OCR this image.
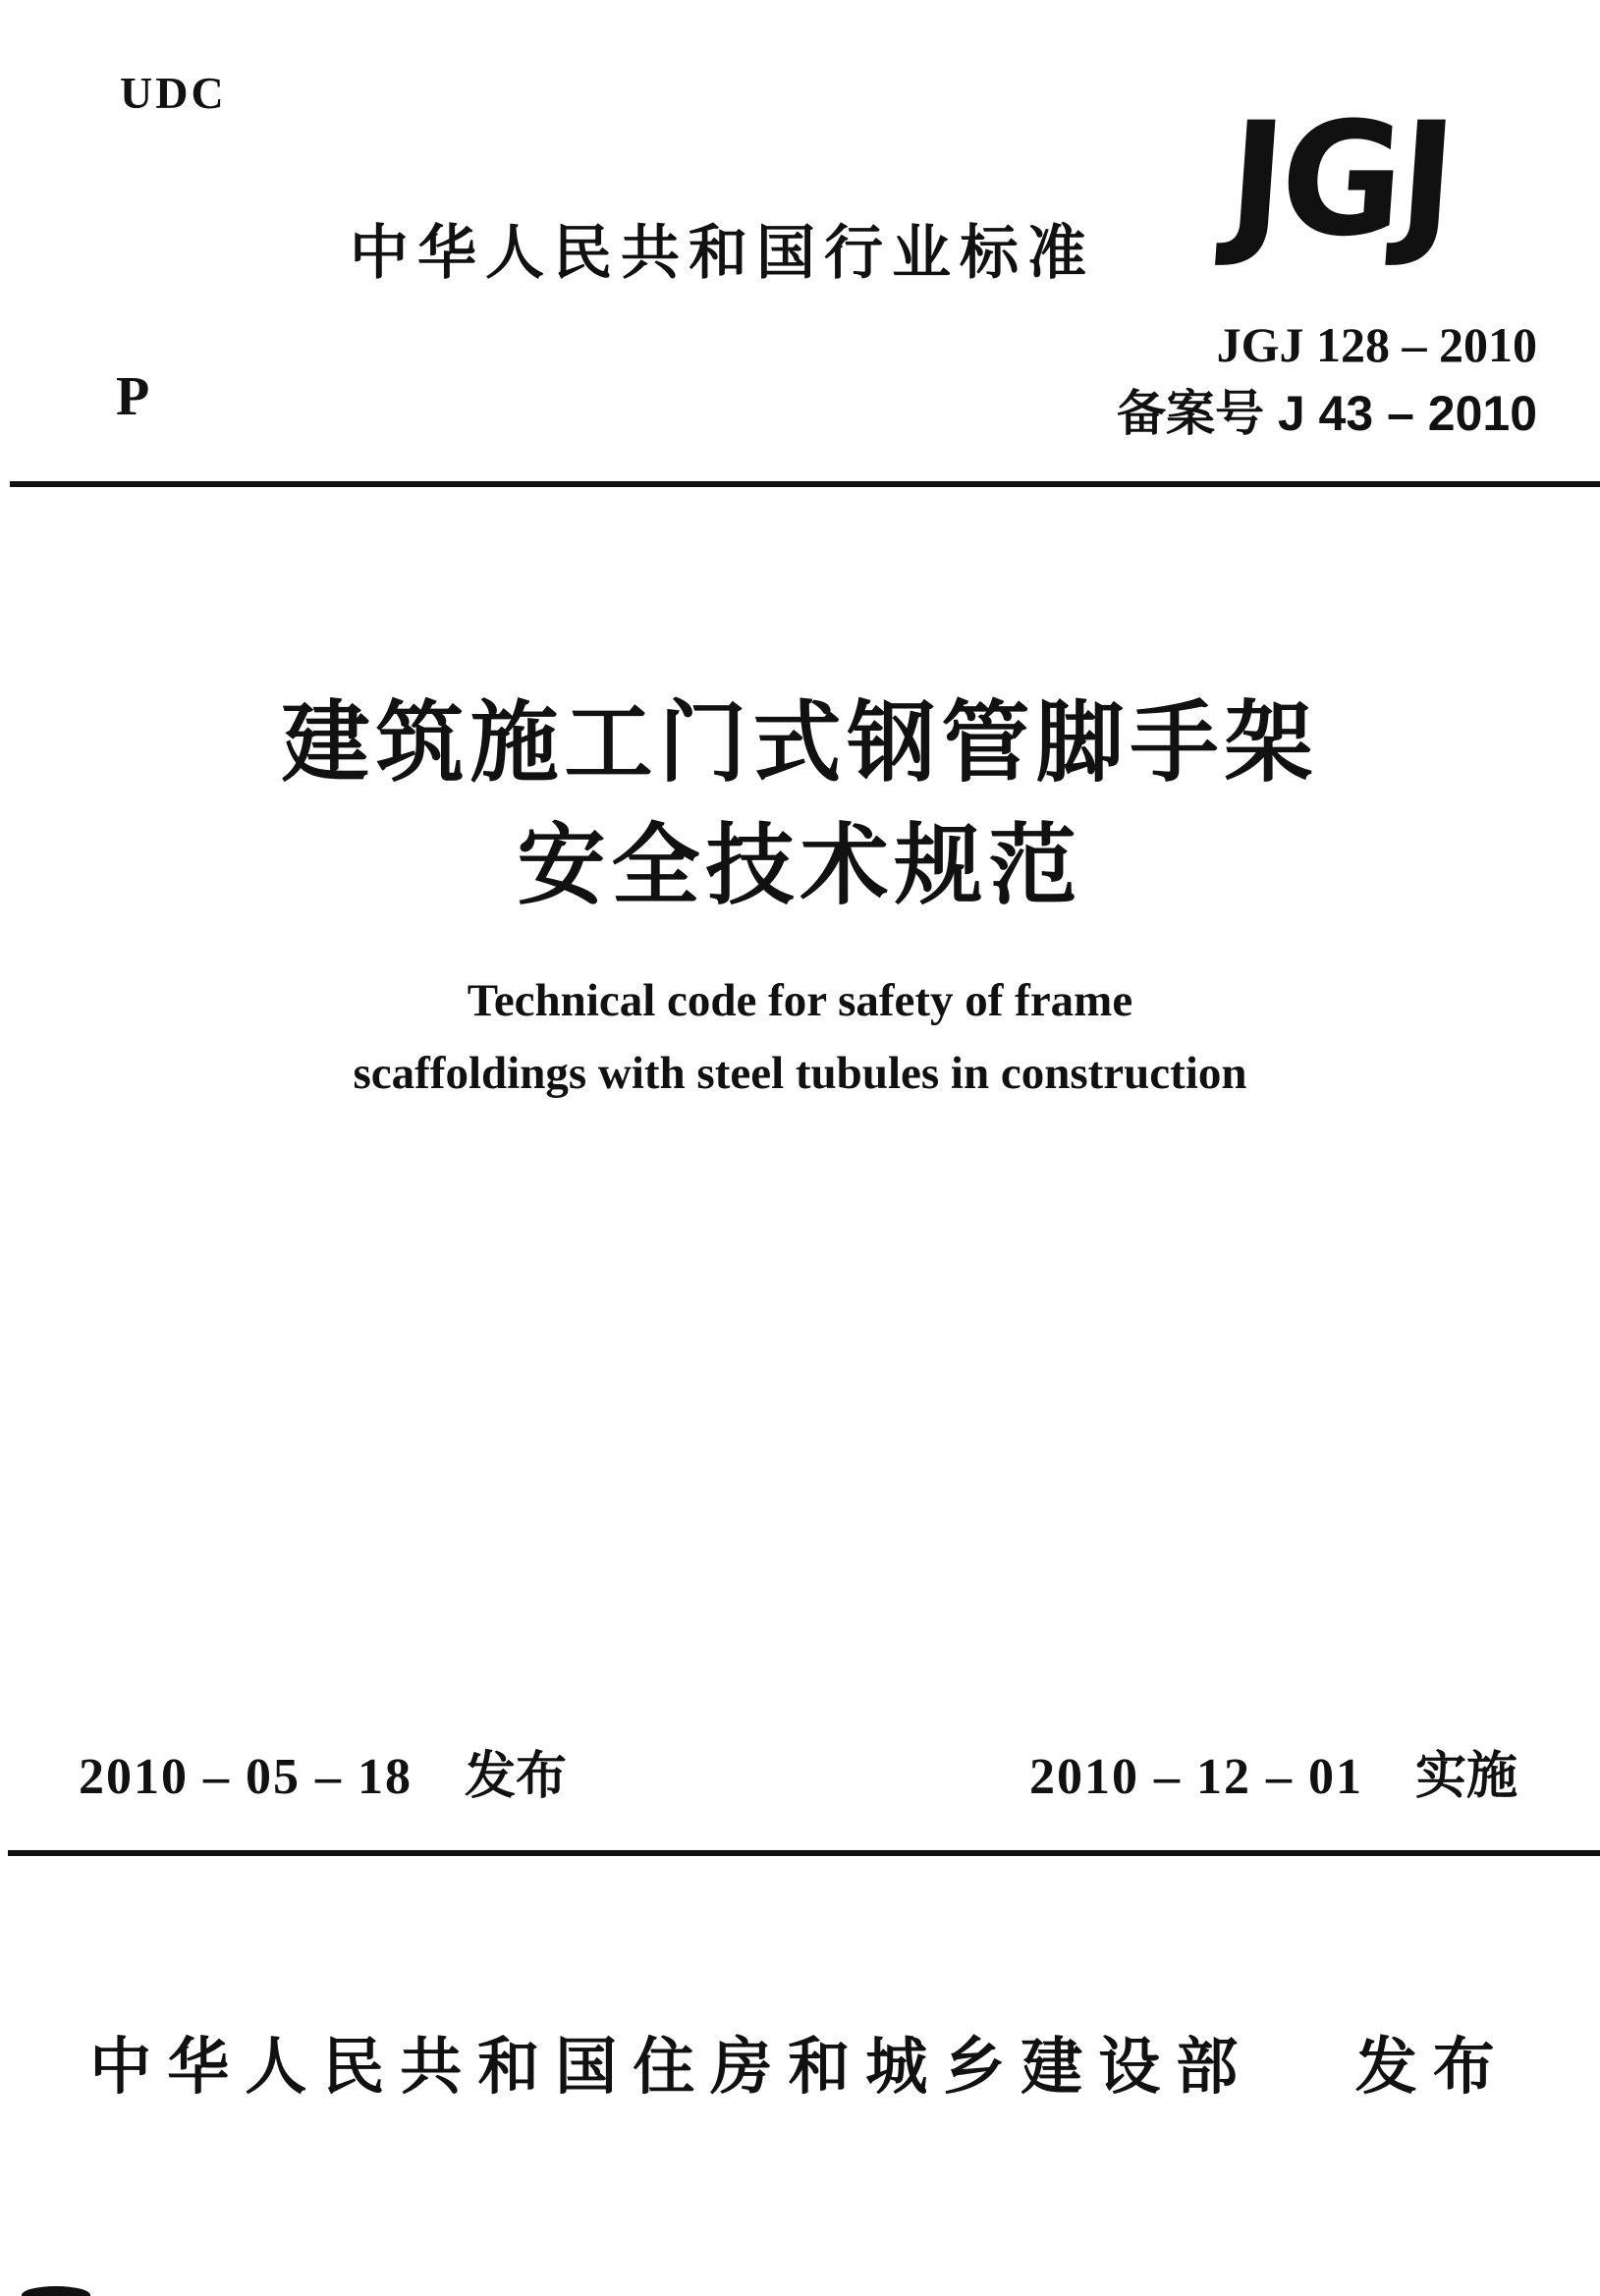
UDC
中华人民共和国行业标准 JGJ
JGJ 128 – 2010
备案号 J 43 – 2010
P
建筑施工门式钢管脚手架
安全技术规范
Technical code for safety of frame
scaffoldings with steel tubules in construction
2010 – 05 – 18 发布	2010 – 12 – 01 实施
中华人民共和国住房和城乡建设部 发布
